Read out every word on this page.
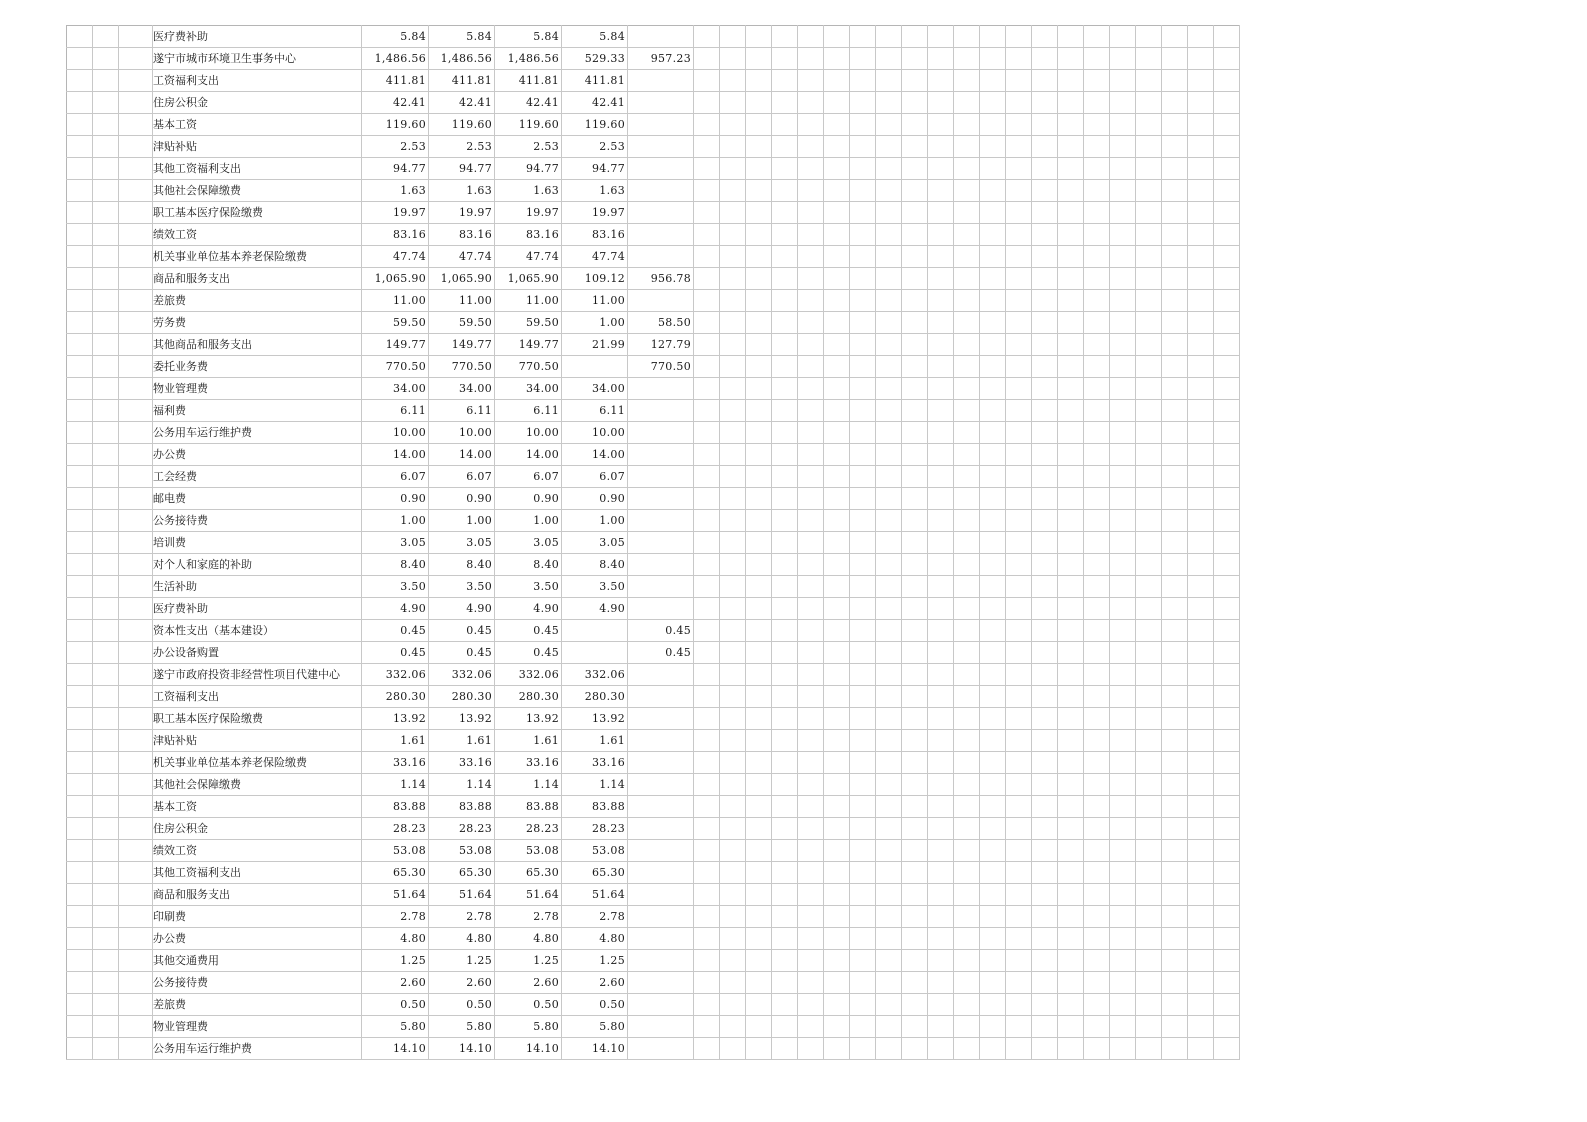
			医疗费补助	5.84	5.84	5.84	5.84																						
			遂宁市城市环境卫生事务中心	1,486.56	1,486.56	1,486.56	529.33	957.23																					
			工资福利支出	411.81	411.81	411.81	411.81																						
			住房公积金	42.41	42.41	42.41	42.41																						
			基本工资	119.60	119.60	119.60	119.60																						
			津贴补贴	2.53	2.53	2.53	2.53																						
			其他工资福利支出	94.77	94.77	94.77	94.77																						
			其他社会保障缴费	1.63	1.63	1.63	1.63																						
			职工基本医疗保险缴费	19.97	19.97	19.97	19.97																						
			绩效工资	83.16	83.16	83.16	83.16																						
			机关事业单位基本养老保险缴费	47.74	47.74	47.74	47.74																						
			商品和服务支出	1,065.90	1,065.90	1,065.90	109.12	956.78																					
			差旅费	11.00	11.00	11.00	11.00																						
			劳务费	59.50	59.50	59.50	1.00	58.50																					
			其他商品和服务支出	149.77	149.77	149.77	21.99	127.79																					
			委托业务费	770.50	770.50	770.50		770.50																					
			物业管理费	34.00	34.00	34.00	34.00																						
			福利费	6.11	6.11	6.11	6.11																						
			公务用车运行维护费	10.00	10.00	10.00	10.00																						
			办公费	14.00	14.00	14.00	14.00																						
			工会经费	6.07	6.07	6.07	6.07																						
			邮电费	0.90	0.90	0.90	0.90																						
			公务接待费	1.00	1.00	1.00	1.00																						
			培训费	3.05	3.05	3.05	3.05																						
			对个人和家庭的补助	8.40	8.40	8.40	8.40																						
			生活补助	3.50	3.50	3.50	3.50																						
			医疗费补助	4.90	4.90	4.90	4.90																						
			资本性支出（基本建设）	0.45	0.45	0.45		0.45																					
			办公设备购置	0.45	0.45	0.45		0.45																					
			遂宁市政府投资非经营性项目代建中心	332.06	332.06	332.06	332.06																						
			工资福利支出	280.30	280.30	280.30	280.30																						
			职工基本医疗保险缴费	13.92	13.92	13.92	13.92																						
			津贴补贴	1.61	1.61	1.61	1.61																						
			机关事业单位基本养老保险缴费	33.16	33.16	33.16	33.16																						
			其他社会保障缴费	1.14	1.14	1.14	1.14																						
			基本工资	83.88	83.88	83.88	83.88																						
			住房公积金	28.23	28.23	28.23	28.23																						
			绩效工资	53.08	53.08	53.08	53.08																						
			其他工资福利支出	65.30	65.30	65.30	65.30																						
			商品和服务支出	51.64	51.64	51.64	51.64																						
			印刷费	2.78	2.78	2.78	2.78																						
			办公费	4.80	4.80	4.80	4.80																						
			其他交通费用	1.25	1.25	1.25	1.25																						
			公务接待费	2.60	2.60	2.60	2.60																						
			差旅费	0.50	0.50	0.50	0.50																						
			物业管理费	5.80	5.80	5.80	5.80																						
			公务用车运行维护费	14.10	14.10	14.10	14.10																						
